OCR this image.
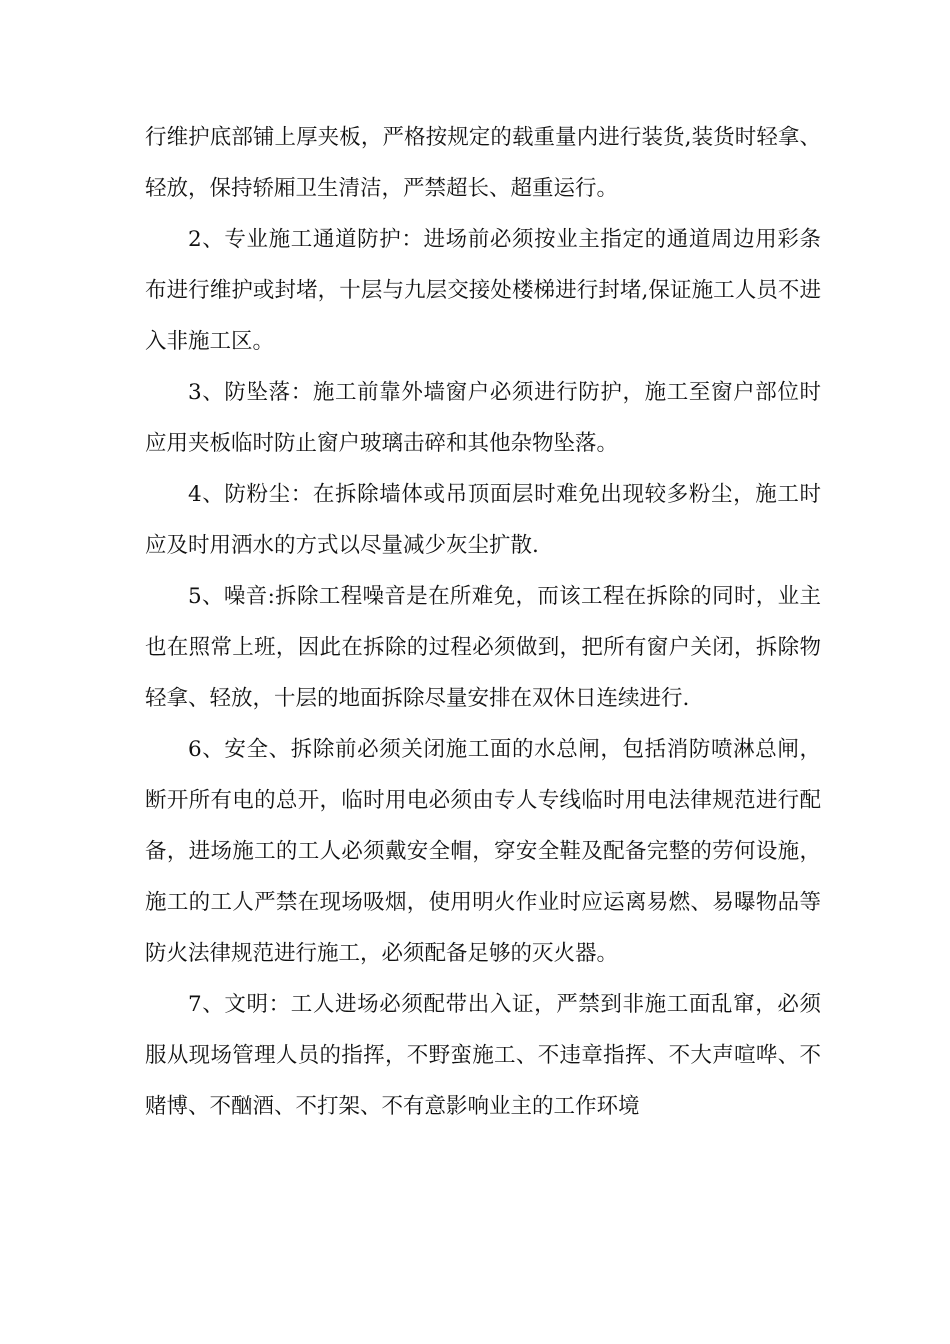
行维护底部铺上厚夹板，严格按规定的载重量内进行装货,装货时轻拿、轻放，保持轿厢卫生清洁，严禁超长、超重运行。

2、专业施工通道防护：进场前必须按业主指定的通道周边用彩条布进行维护或封堵，十层与九层交接处楼梯进行封堵,保证施工人员不进入非施工区。

3、防坠落：施工前靠外墙窗户必须进行防护，施工至窗户部位时应用夹板临时防止窗户玻璃击碎和其他杂物坠落。

4、防粉尘：在拆除墙体或吊顶面层时难免出现较多粉尘，施工时应及时用洒水的方式以尽量减少灰尘扩散.

5、噪音:拆除工程噪音是在所难免，而该工程在拆除的同时，业主也在照常上班，因此在拆除的过程必须做到，把所有窗户关闭，拆除物轻拿、轻放，十层的地面拆除尽量安排在双休日连续进行.

6、安全、拆除前必须关闭施工面的水总闸，包括消防喷淋总闸，断开所有电的总开，临时用电必须由专人专线临时用电法律规范进行配备，进场施工的工人必须戴安全帽，穿安全鞋及配备完整的劳何设施，施工的工人严禁在现场吸烟，使用明火作业时应运离易燃、易曝物品等防火法律规范进行施工，必须配备足够的灭火器。

7、文明：工人进场必须配带出入证，严禁到非施工面乱窜，必须服从现场管理人员的指挥，不野蛮施工、不违章指挥、不大声喧哗、不赌博、不酗酒、不打架、不有意影响业主的工作环境
